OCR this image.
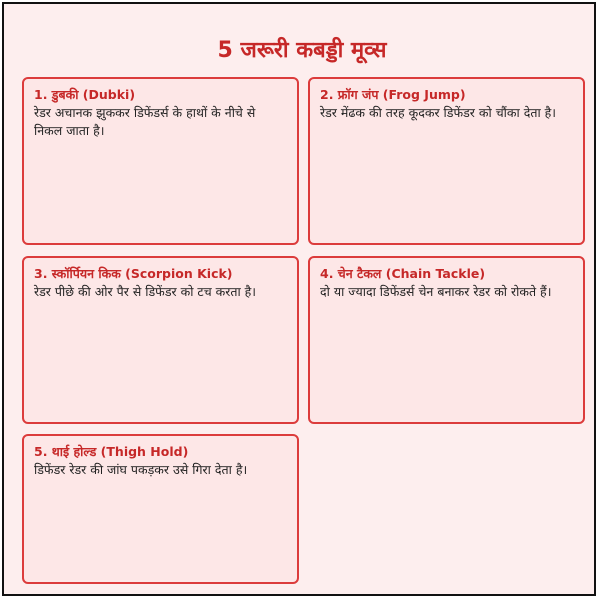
5 जरूरी कबड्डी मूव्स
1. डुबकी (Dubki)
रेडर अचानक झुककर डिफेंडर्स के हाथों के नीचे से निकल जाता है।
2. फ्रॉग जंप (Frog Jump)
रेडर मेंढक की तरह कूदकर डिफेंडर को चौंका देता है।
3. स्कॉर्पियन किक (Scorpion Kick)
रेडर पीछे की ओर पैर से डिफेंडर को टच करता है।
4. चेन टैकल (Chain Tackle)
दो या ज्यादा डिफेंडर्स चेन बनाकर रेडर को रोकते हैं।
5. थाई होल्ड (Thigh Hold)
डिफेंडर रेडर की जांघ पकड़कर उसे गिरा देता है।
